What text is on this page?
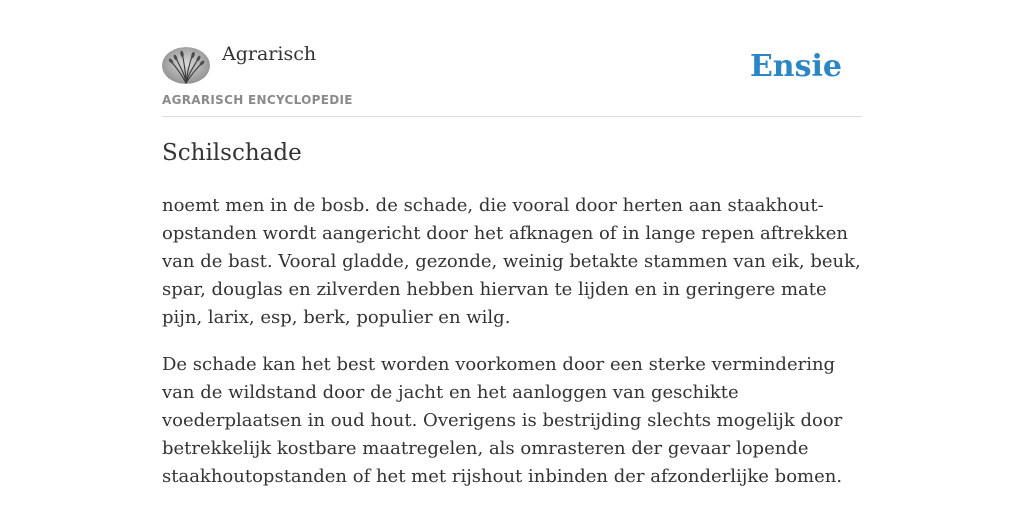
Agrarisch
AGRARISCH ENCYCLOPEDIE
Ensie
Schilschade

noemt men in de bosb. de schade, die vooral door herten aan staakhout-opstanden wordt aangericht door het afknagen of in lange repen aftrekken van de bast. Vooral gladde, gezonde, weinig betakte stammen van eik, beuk, spar, douglas en zilverden hebben hiervan te lijden en in geringere mate pijn, larix, esp, berk, populier en wilg.

De schade kan het best worden voorkomen door een sterke vermindering van de wildstand door de jacht en het aanloggen van geschikte voederplaatsen in oud hout. Overigens is bestrijding slechts mogelijk door betrekkelijk kostbare maatregelen, als omrasteren der gevaar lopende staakhoutopstanden of het met rijshout inbinden der afzonderlijke bomen.
